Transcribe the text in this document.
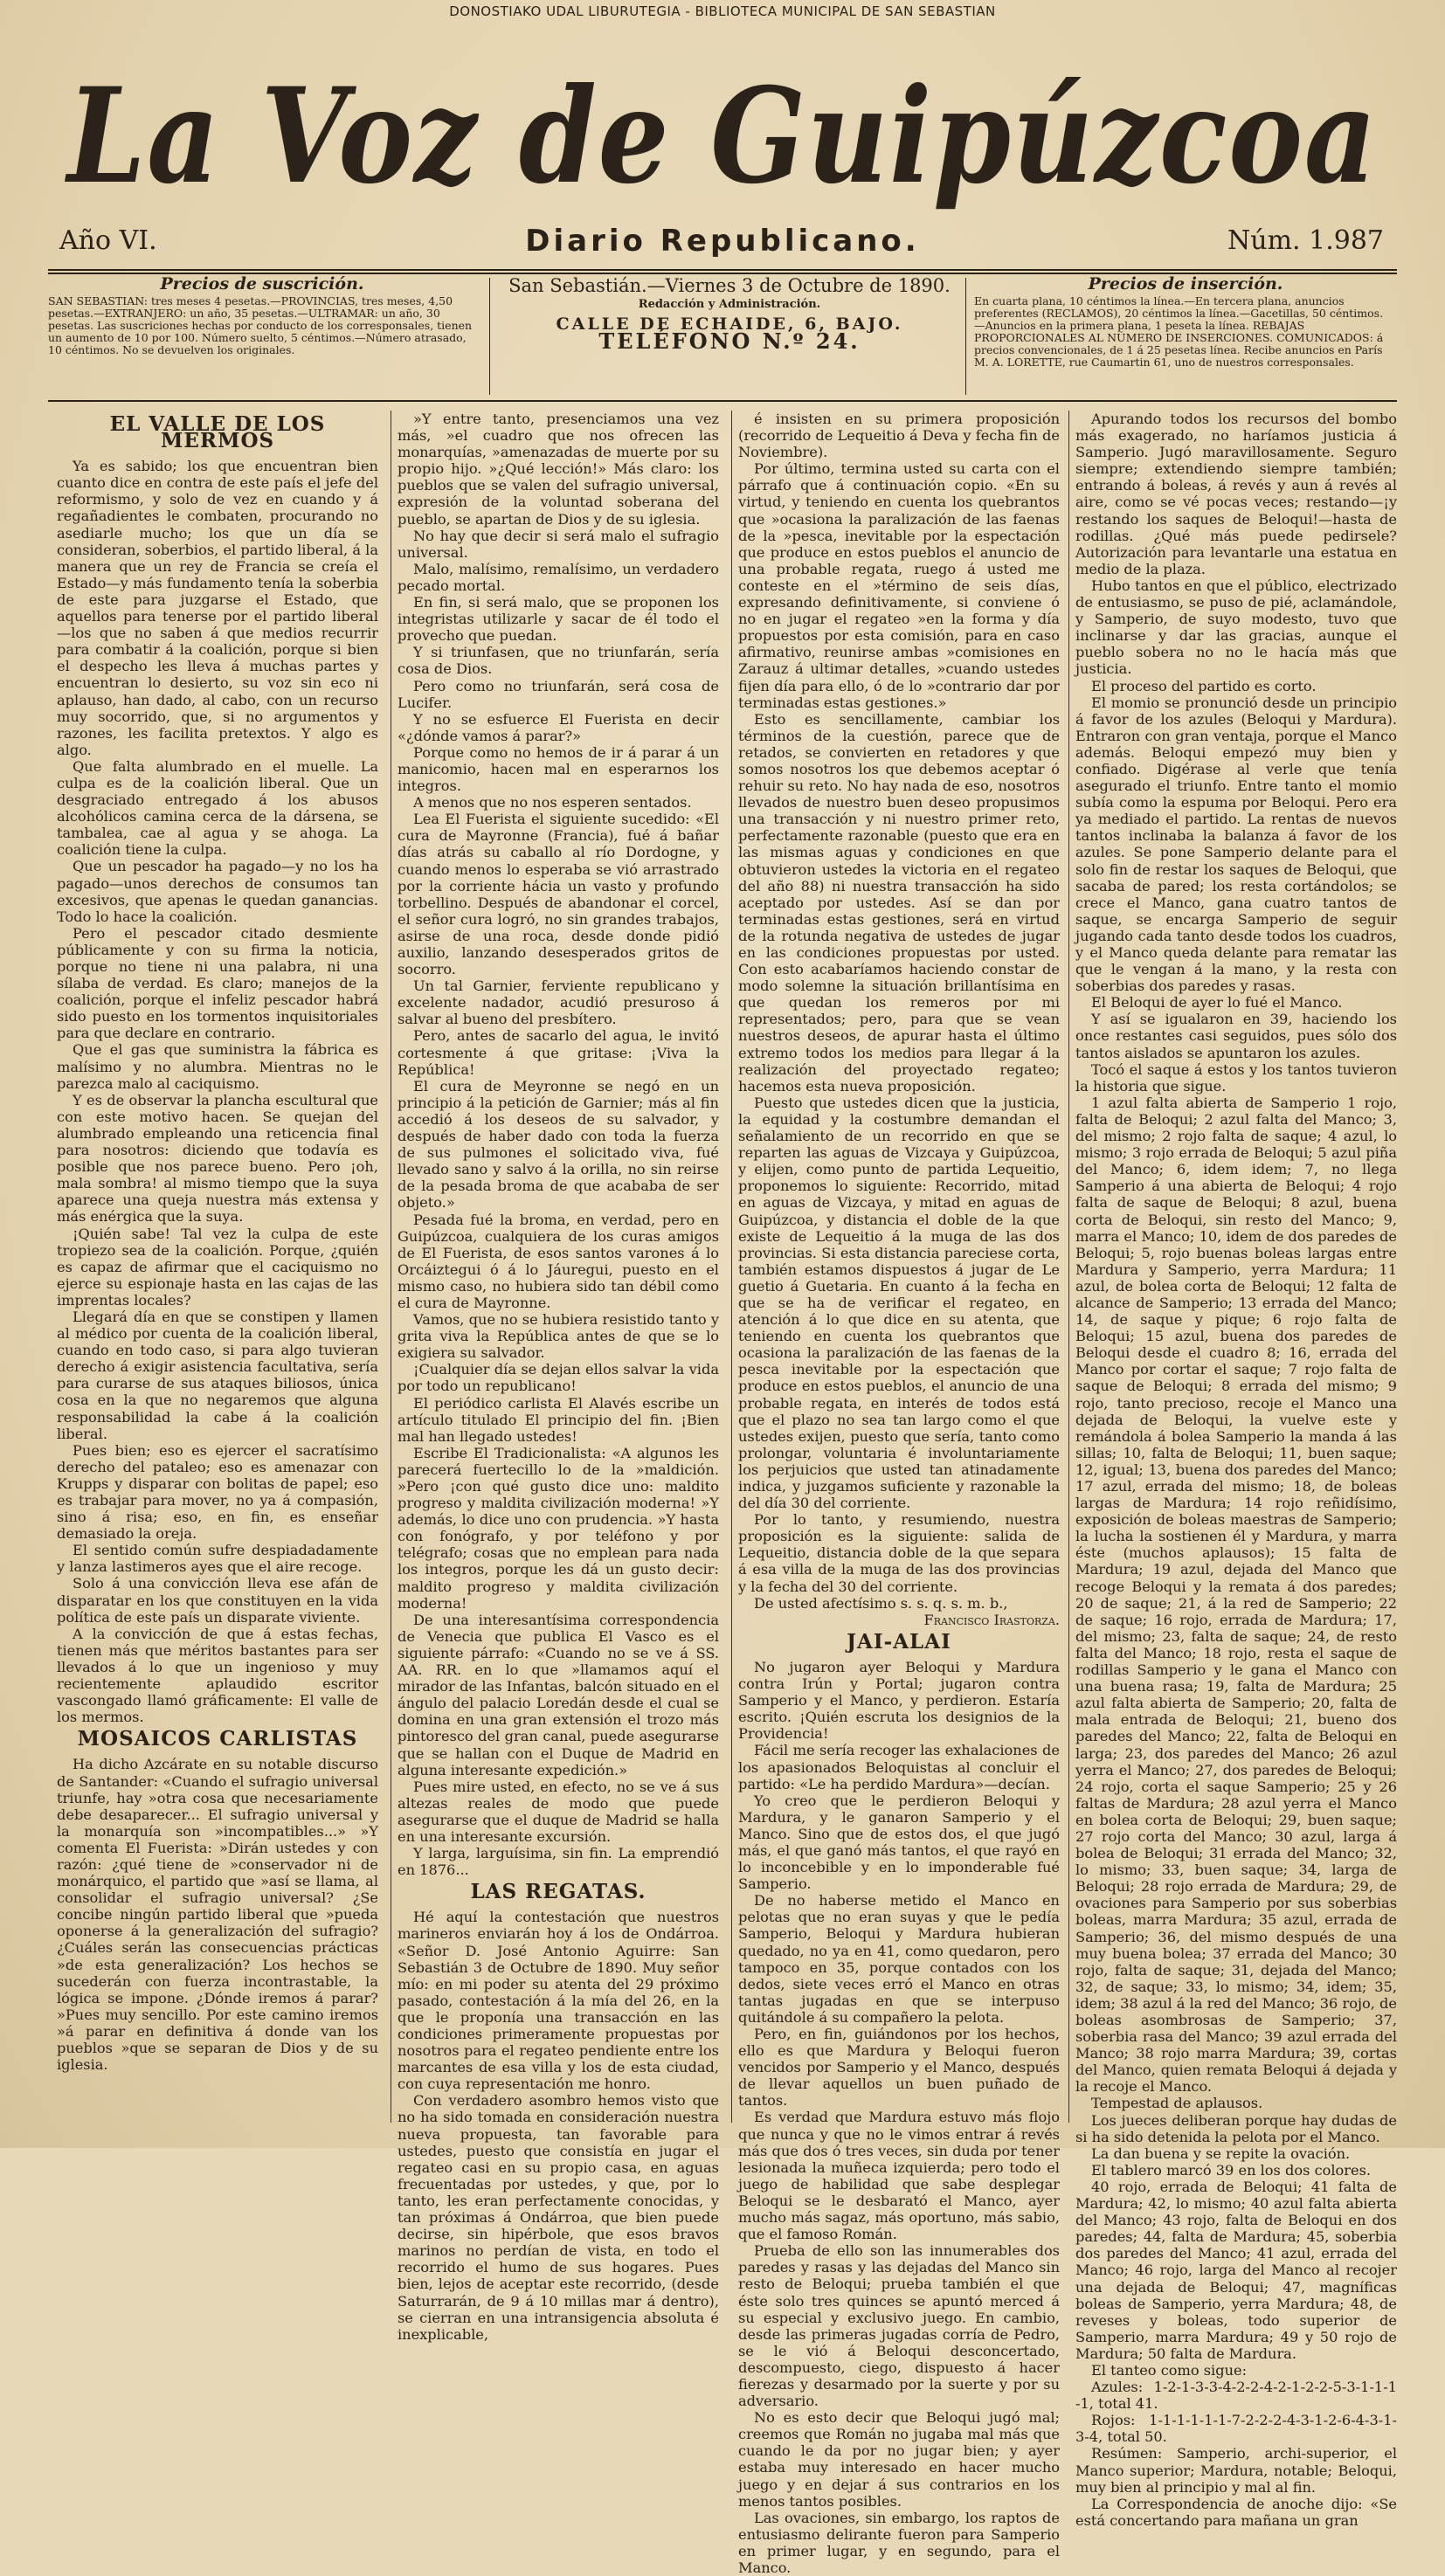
DONOSTIAKO UDAL LIBURUTEGIA - BIBLIOTECA MUNICIPAL DE SAN SEBASTIAN
La Voz de Guipúzcoa
Año VI.	Diario Republicano.	Núm. 1.987
Precios de suscrición.
SAN SEBASTIAN: tres meses 4 pesetas.—PROVINCIAS, tres meses, 4,50 pesetas.—EXTRANJERO: un año, 35 pesetas.—ULTRAMAR: un año, 30 pesetas. Las suscriciones hechas por conducto de los corresponsales, tienen un aumento de 10 por 100. Número suelto, 5 céntimos.—Número atrasado, 10 céntimos. No se devuelven los originales.
San Sebastián.—Viernes 3 de Octubre de 1890.
Redacción y Administración.
CALLE DE ECHAIDE, 6, BAJO.
TELÉFONO N.º 24.
Precios de inserción.
En cuarta plana, 10 céntimos la línea.—En tercera plana, anuncios preferentes (RECLAMOS), 20 céntimos la línea.—Gacetillas, 50 céntimos. —Anuncios en la primera plana, 1 peseta la línea. REBAJAS PROPORCIONALES AL NÚMERO DE INSERCIONES. COMUNICADOS: á precios convencionales, de 1 á 25 pesetas línea. Recibe anuncios en París M. A. LORETTE, rue Caumartin 61, uno de nuestros corresponsales.
EL VALLE DE LOS MERMOS

Ya es sabido; los que encuentran bien cuanto dice en contra de este país el jefe del reformismo, y solo de vez en cuando y á regañadientes le combaten, procurando no asediarle mucho; los que un día se consideran, soberbios, el partido liberal, á la manera que un rey de Francia se creía el Estado—y más fundamento tenía la soberbia de este para juzgarse el Estado, que aquellos para tenerse por el partido liberal—los que no saben á que medios recurrir para combatir á la coalición, porque si bien el despecho les lleva á muchas partes y encuentran lo desierto, su voz sin eco ni aplauso, han dado, al cabo, con un recurso muy socorrido, que, si no argumentos y razones, les facilita pretextos. Y algo es algo.

Que falta alumbrado en el muelle. La culpa es de la coalición liberal. Que un desgraciado entregado á los abusos alcohólicos camina cerca de la dársena, se tambalea, cae al agua y se ahoga. La coalición tiene la culpa.

Que un pescador ha pagado—y no los ha pagado—unos derechos de consumos tan excesivos, que apenas le quedan ganancias. Todo lo hace la coalición.

Pero el pescador citado desmiente públicamente y con su firma la noticia, porque no tiene ni una palabra, ni una sílaba de verdad. Es claro; manejos de la coalición, porque el infeliz pescador habrá sido puesto en los tormentos inquisitoriales para que declare en contrario.

Que el gas que suministra la fábrica es malísimo y no alumbra. Mientras no le parezca malo al caciquismo.

Y es de observar la plancha escultural que con este motivo hacen. Se quejan del alumbrado empleando una reticencia final para nosotros: diciendo que todavía es posible que nos parece bueno. Pero ¡oh, mala sombra! al mismo tiempo que la suya aparece una queja nuestra más extensa y más enérgica que la suya.

¡Quién sabe! Tal vez la culpa de este tropiezo sea de la coalición. Porque, ¿quién es capaz de afirmar que el caciquismo no ejerce su espionaje hasta en las cajas de las imprentas locales?

Llegará día en que se constipen y llamen al médico por cuenta de la coalición liberal, cuando en todo caso, si para algo tuvieran derecho á exigir asistencia facultativa, sería para curarse de sus ataques biliosos, única cosa en la que no negaremos que alguna responsabilidad la cabe á la coalición liberal.

Pues bien; eso es ejercer el sacratísimo derecho del pataleo; eso es amenazar con Krupps y disparar con bolitas de papel; eso es trabajar para mover, no ya á compasión, sino á risa; eso, en fin, es enseñar demasiado la oreja.

El sentido común sufre despiadadamente y lanza lastimeros ayes que el aire recoge.

Solo á una convicción lleva ese afán de disparatar en los que constituyen en la vida política de este país un disparate viviente.

A la convicción de que á estas fechas, tienen más que méritos bastantes para ser llevados á lo que un ingenioso y muy recientemente aplaudido escritor vascongado llamó gráficamente: El valle de los mermos.

MOSAICOS CARLISTAS

Ha dicho Azcárate en su notable discurso de Santander: «Cuando el sufragio universal triunfe, hay »otra cosa que necesariamente debe desaparecer... El sufragio universal y la monarquía son »incompatibles...» »Y comenta El Fuerista: »Dirán ustedes y con razón: ¿qué tiene de »conservador ni de monárquico, el partido que »así se llama, al consolidar el sufragio universal? ¿Se concibe ningún partido liberal que »pueda oponerse á la generalización del sufragio? ¿Cuáles serán las consecuencias prácticas »de esta generalización? Los hechos se sucederán con fuerza incontrastable, la lógica se impone. ¿Dónde iremos á parar? »Pues muy sencillo. Por este camino iremos »á parar en definitiva á donde van los pueblos »que se separan de Dios y de su iglesia.

»Y entre tanto, presenciamos una vez más, »el cuadro que nos ofrecen las monarquías, »amenazadas de muerte por su propio hijo. »¿Qué lección!» Más claro: los pueblos que se valen del sufragio universal, expresión de la voluntad soberana del pueblo, se apartan de Dios y de su iglesia.

No hay que decir si será malo el sufragio universal.

Malo, malísimo, remalísimo, un verdadero pecado mortal.

En fin, si será malo, que se proponen los integristas utilizarle y sacar de él todo el provecho que puedan.

Y si triunfasen, que no triunfarán, sería cosa de Dios.

Pero como no triunfarán, será cosa de Lucifer.

Y no se esfuerce El Fuerista en decir «¿dónde vamos á parar?»

Porque como no hemos de ir á parar á un manicomio, hacen mal en esperarnos los integros.

A menos que no nos esperen sentados.

Lea El Fuerista el siguiente sucedido: «El cura de Mayronne (Francia), fué á bañar días atrás su caballo al río Dordogne, y cuando menos lo esperaba se vió arrastrado por la corriente hácia un vasto y profundo torbellino. Después de abandonar el corcel, el señor cura logró, no sin grandes trabajos, asirse de una roca, desde donde pidió auxilio, lanzando desesperados gritos de socorro.

Un tal Garnier, ferviente republicano y excelente nadador, acudió presuroso á salvar al bueno del presbítero.

Pero, antes de sacarlo del agua, le invitó cortesmente á que gritase: ¡Viva la República!

El cura de Meyronne se negó en un principio á la petición de Garnier; más al fin accedió á los deseos de su salvador, y después de haber dado con toda la fuerza de sus pulmones el solicitado viva, fué llevado sano y salvo á la orilla, no sin reirse de la pesada broma de que acababa de ser objeto.»

Pesada fué la broma, en verdad, pero en Guipúzcoa, cualquiera de los curas amigos de El Fuerista, de esos santos varones á lo Orcáiztegui ó á lo Jáuregui, puesto en el mismo caso, no hubiera sido tan débil como el cura de Mayronne.

Vamos, que no se hubiera resistido tanto y grita viva la República antes de que se lo exigiera su salvador.

¡Cualquier día se dejan ellos salvar la vida por todo un republicano!

El periódico carlista El Alavés escribe un artículo titulado El principio del fin. ¡Bien mal han llegado ustedes!

Escribe El Tradicionalista: «A algunos les parecerá fuertecillo lo de la »maldición. »Pero ¡con qué gusto dice uno: maldito progreso y maldita civilización moderna! »Y además, lo dice uno con prudencia. »Y hasta con fonógrafo, y por teléfono y por telégrafo; cosas que no emplean para nada los integros, porque les dá un gusto decir: maldito progreso y maldita civilización moderna!

De una interesantísima correspondencia de Venecia que publica El Vasco es el siguiente párrafo: «Cuando no se ve á SS. AA. RR. en lo que »llamamos aquí el mirador de las Infantas, balcón situado en el ángulo del palacio Loredán desde el cual se domina en una gran extensión el trozo más pintoresco del gran canal, puede asegurarse que se hallan con el Duque de Madrid en alguna interesante expedición.»

Pues mire usted, en efecto, no se ve á sus altezas reales de modo que puede asegurarse que el duque de Madrid se halla en una interesante excursión.

Y larga, larguísima, sin fin. La emprendió en 1876...

LAS REGATAS.

Hé aquí la contestación que nuestros marineros enviarán hoy á los de Ondárroa. «Señor D. José Antonio Aguirre: San Sebastián 3 de Octubre de 1890. Muy señor mío: en mi poder su atenta del 29 próximo pasado, contestación á la mía del 26, en la que le proponía una transacción en las condiciones primeramente propuestas por nosotros para el regateo pendiente entre los marcantes de esa villa y los de esta ciudad, con cuya representación me honro.

Con verdadero asombro hemos visto que no ha sido tomada en consideración nuestra nueva propuesta, tan favorable para ustedes, puesto que consistía en jugar el regateo casi en su propio casa, en aguas frecuentadas por ustedes, y que, por lo tanto, les eran perfectamente conocidas, y tan próximas á Ondárroa, que bien puede decirse, sin hipérbole, que esos bravos marinos no perdían de vista, en todo el recorrido el humo de sus hogares. Pues bien, lejos de aceptar este recorrido, (desde Saturrarán, de 9 á 10 millas mar á dentro), se cierran en una intransigencia absoluta é inexplicable,

é insisten en su primera proposición (recorrido de Lequeitio á Deva y fecha fin de Noviembre).

Por último, termina usted su carta con el párrafo que á continuación copio. «En su virtud, y teniendo en cuenta los quebrantos que »ocasiona la paralización de las faenas de la »pesca, inevitable por la espectación que produce en estos pueblos el anuncio de una probable regata, ruego á usted me conteste en el »término de seis días, expresando definitivamente, si conviene ó no en jugar el regateo »en la forma y día propuestos por esta comisión, para en caso afirmativo, reunirse ambas »comisiones en Zarauz á ultimar detalles, »cuando ustedes fijen día para ello, ó de lo »contrario dar por terminadas estas gestiones.»

Esto es sencillamente, cambiar los términos de la cuestión, parece que de retados, se convierten en retadores y que somos nosotros los que debemos aceptar ó rehuir su reto. No hay nada de eso, nosotros llevados de nuestro buen deseo propusimos una transacción y ni nuestro primer reto, perfectamente razonable (puesto que era en las mismas aguas y condiciones en que obtuvieron ustedes la victoria en el regateo del año 88) ni nuestra transacción ha sido aceptado por ustedes. Así se dan por terminadas estas gestiones, será en virtud de la rotunda negativa de ustedes de jugar en las condiciones propuestas por usted. Con esto acabaríamos haciendo constar de modo solemne la situación brillantísima en que quedan los remeros por mi representados; pero, para que se vean nuestros deseos, de apurar hasta el último extremo todos los medios para llegar á la realización del proyectado regateo; hacemos esta nueva proposición.

Puesto que ustedes dicen que la justicia, la equidad y la costumbre demandan el señalamiento de un recorrido en que se reparten las aguas de Vizcaya y Guipúzcoa, y elijen, como punto de partida Lequeitio, proponemos lo siguiente: Recorrido, mitad en aguas de Vizcaya, y mitad en aguas de Guipúzcoa, y distancia el doble de la que existe de Lequeitio á la muga de las dos provincias. Si esta distancia pareciese corta, también estamos dispuestos á jugar de Le guetio á Guetaria. En cuanto á la fecha en que se ha de verificar el regateo, en atención á lo que dice en su atenta, que teniendo en cuenta los quebrantos que ocasiona la paralización de las faenas de la pesca inevitable por la espectación que produce en estos pueblos, el anuncio de una probable regata, en interés de todos está que el plazo no sea tan largo como el que ustedes exijen, puesto que sería, tanto como prolongar, voluntaria é involuntariamente los perjuicios que usted tan atinadamente indica, y juzgamos suficiente y razonable la del día 30 del corriente.

Por lo tanto, y resumiendo, nuestra proposición es la siguiente: salida de Lequeitio, distancia doble de la que separa á esa villa de la muga de las dos provincias y la fecha del 30 del corriente.

De usted afectísimo s. s. q. s. m. b.,

Francisco Irastorza.

JAI-ALAI

No jugaron ayer Beloqui y Mardura contra Irún y Portal; jugaron contra Samperio y el Manco, y perdieron. Estaría escrito. ¡Quién escruta los designios de la Providencia!

Fácil me sería recoger las exhalaciones de los apasionados Beloquistas al concluir el partido: «Le ha perdido Mardura»—decían.

Yo creo que le perdieron Beloqui y Mardura, y le ganaron Samperio y el Manco. Sino que de estos dos, el que jugó más, el que ganó más tantos, el que rayó en lo inconcebible y en lo imponderable fué Samperio.

De no haberse metido el Manco en pelotas que no eran suyas y que le pedía Samperio, Beloqui y Mardura hubieran quedado, no ya en 41, como quedaron, pero tampoco en 35, porque contados con los dedos, siete veces erró el Manco en otras tantas jugadas en que se interpuso quitándole á su compañero la pelota.

Pero, en fin, guiándonos por los hechos, ello es que Mardura y Beloqui fueron vencidos por Samperio y el Manco, después de llevar aquellos un buen puñado de tantos.

Es verdad que Mardura estuvo más flojo que nunca y que no le vimos entrar á revés más que dos ó tres veces, sin duda por tener lesionada la muñeca izquierda; pero todo el juego de habilidad que sabe desplegar Beloqui se le desbarató el Manco, ayer mucho más sagaz, más oportuno, más sabio, que el famoso Román.

Prueba de ello son las innumerables dos paredes y rasas y las dejadas del Manco sin resto de Beloqui; prueba también el que éste solo tres quinces se apuntó merced á su especial y exclusivo juego. En cambio, desde las primeras jugadas corría de Pedro, se le vió á Beloqui desconcertado, descompuesto, ciego, dispuesto á hacer fierezas y desarmado por la suerte y por su adversario.

No es esto decir que Beloqui jugó mal; creemos que Román no jugaba mal más que cuando le da por no jugar bien; y ayer estaba muy interesado en hacer mucho juego y en dejar á sus contrarios en los menos tantos posibles.

Las ovaciones, sin embargo, los raptos de entusiasmo delirante fueron para Samperio en primer lugar, y en segundo, para el Manco.

Apurando todos los recursos del bombo más exagerado, no haríamos justicia á Samperio. Jugó maravillosamente. Seguro siempre; extendiendo siempre también; entrando á boleas, á revés y aun á revés al aire, como se vé pocas veces; restando—¡y restando los saques de Beloqui!—hasta de rodillas. ¿Qué más puede pedirsele? Autorización para levantarle una estatua en medio de la plaza.

Hubo tantos en que el público, electrizado de entusiasmo, se puso de pié, aclamándole, y Samperio, de suyo modesto, tuvo que inclinarse y dar las gracias, aunque el pueblo sobera no no le hacía más que justicia.

El proceso del partido es corto.

El momio se pronunció desde un principio á favor de los azules (Beloqui y Mardura). Entraron con gran ventaja, porque el Manco además. Beloqui empezó muy bien y confiado. Digérase al verle que tenía asegurado el triunfo. Entre tanto el momio subía como la espuma por Beloqui. Pero era ya mediado el partido. La rentas de nuevos tantos inclinaba la balanza á favor de los azules. Se pone Samperio delante para el solo fin de restar los saques de Beloqui, que sacaba de pared; los resta cortándolos; se crece el Manco, gana cuatro tantos de saque, se encarga Samperio de seguir jugando cada tanto desde todos los cuadros, y el Manco queda delante para rematar las que le vengan á la mano, y la resta con soberbias dos paredes y rasas.

El Beloqui de ayer lo fué el Manco.

Y así se igualaron en 39, haciendo los once restantes casi seguidos, pues sólo dos tantos aislados se apuntaron los azules.

Tocó el saque á estos y los tantos tuvieron la historia que sigue.

1 azul falta abierta de Samperio 1 rojo, falta de Beloqui; 2 azul falta del Manco; 3, del mismo; 2 rojo falta de saque; 4 azul, lo mismo; 3 rojo errada de Beloqui; 5 azul piña del Manco; 6, idem idem; 7, no llega Samperio á una abierta de Beloqui; 4 rojo falta de saque de Beloqui; 8 azul, buena corta de Beloqui, sin resto del Manco; 9, marra el Manco; 10, idem de dos paredes de Beloqui; 5, rojo buenas boleas largas entre Mardura y Samperio, yerra Mardura; 11 azul, de bolea corta de Beloqui; 12 falta de alcance de Samperio; 13 errada del Manco; 14, de saque y pique; 6 rojo falta de Beloqui; 15 azul, buena dos paredes de Beloqui desde el cuadro 8; 16, errada del Manco por cortar el saque; 7 rojo falta de saque de Beloqui; 8 errada del mismo; 9 rojo, tanto precioso, recoje el Manco una dejada de Beloqui, la vuelve este y remándola á bolea Samperio la manda á las sillas; 10, falta de Beloqui; 11, buen saque; 12, igual; 13, buena dos paredes del Manco; 17 azul, errada del mismo; 18, de boleas largas de Mardura; 14 rojo reñidísimo, exposición de boleas maestras de Samperio; la lucha la sostienen él y Mardura, y marra éste (muchos aplausos); 15 falta de Mardura; 19 azul, dejada del Manco que recoge Beloqui y la remata á dos paredes; 20 de saque; 21, á la red de Samperio; 22 de saque; 16 rojo, errada de Mardura; 17, del mismo; 23, falta de saque; 24, de resto falta del Manco; 18 rojo, resta el saque de rodillas Samperio y le gana el Manco con una buena rasa; 19, falta de Mardura; 25 azul falta abierta de Samperio; 20, falta de mala entrada de Beloqui; 21, bueno dos paredes del Manco; 22, falta de Beloqui en larga; 23, dos paredes del Manco; 26 azul yerra el Manco; 27, dos paredes de Beloqui; 24 rojo, corta el saque Samperio; 25 y 26 faltas de Mardura; 28 azul yerra el Manco en bolea corta de Beloqui; 29, buen saque; 27 rojo corta del Manco; 30 azul, larga á bolea de Beloqui; 31 errada del Manco; 32, lo mismo; 33, buen saque; 34, larga de Beloqui; 28 rojo errada de Mardura; 29, de ovaciones para Samperio por sus soberbias boleas, marra Mardura; 35 azul, errada de Samperio; 36, del mismo después de una muy buena bolea; 37 errada del Manco; 30 rojo, falta de saque; 31, dejada del Manco; 32, de saque; 33, lo mismo; 34, idem; 35, idem; 38 azul á la red del Manco; 36 rojo, de boleas asombrosas de Samperio; 37, soberbia rasa del Manco; 39 azul errada del Manco; 38 rojo marra Mardura; 39, cortas del Manco, quien remata Beloqui á dejada y la recoje el Manco.

Tempestad de aplausos.

Los jueces deliberan porque hay dudas de si ha sido detenida la pelota por el Manco.

La dan buena y se repite la ovación.

El tablero marcó 39 en los dos colores.

40 rojo, errada de Beloqui; 41 falta de Mardura; 42, lo mismo; 40 azul falta abierta del Manco; 43 rojo, falta de Beloqui en dos paredes; 44, falta de Mardura; 45, soberbia dos paredes del Manco; 41 azul, errada del Manco; 46 rojo, larga del Manco al recojer una dejada de Beloqui; 47, magníficas boleas de Samperio, yerra Mardura; 48, de reveses y boleas, todo superior de Samperio, marra Mardura; 49 y 50 rojo de Mardura; 50 falta de Mardura.

El tanteo como sigue:

Azules: 1-2-1-3-3-4-2-2-4-2-1-2-2-5-3-1-1-1 -1, total 41.

Rojos: 1-1-1-1-1-1-7-2-2-2-4-3-1-2-6-4-3-1-3-4, total 50.

Resúmen: Samperio, archi-superior, el Manco superior; Mardura, notable; Beloqui, muy bien al principio y mal al fin.

La Correspondencia de anoche dijo: «Se está concertando para mañana un gran
